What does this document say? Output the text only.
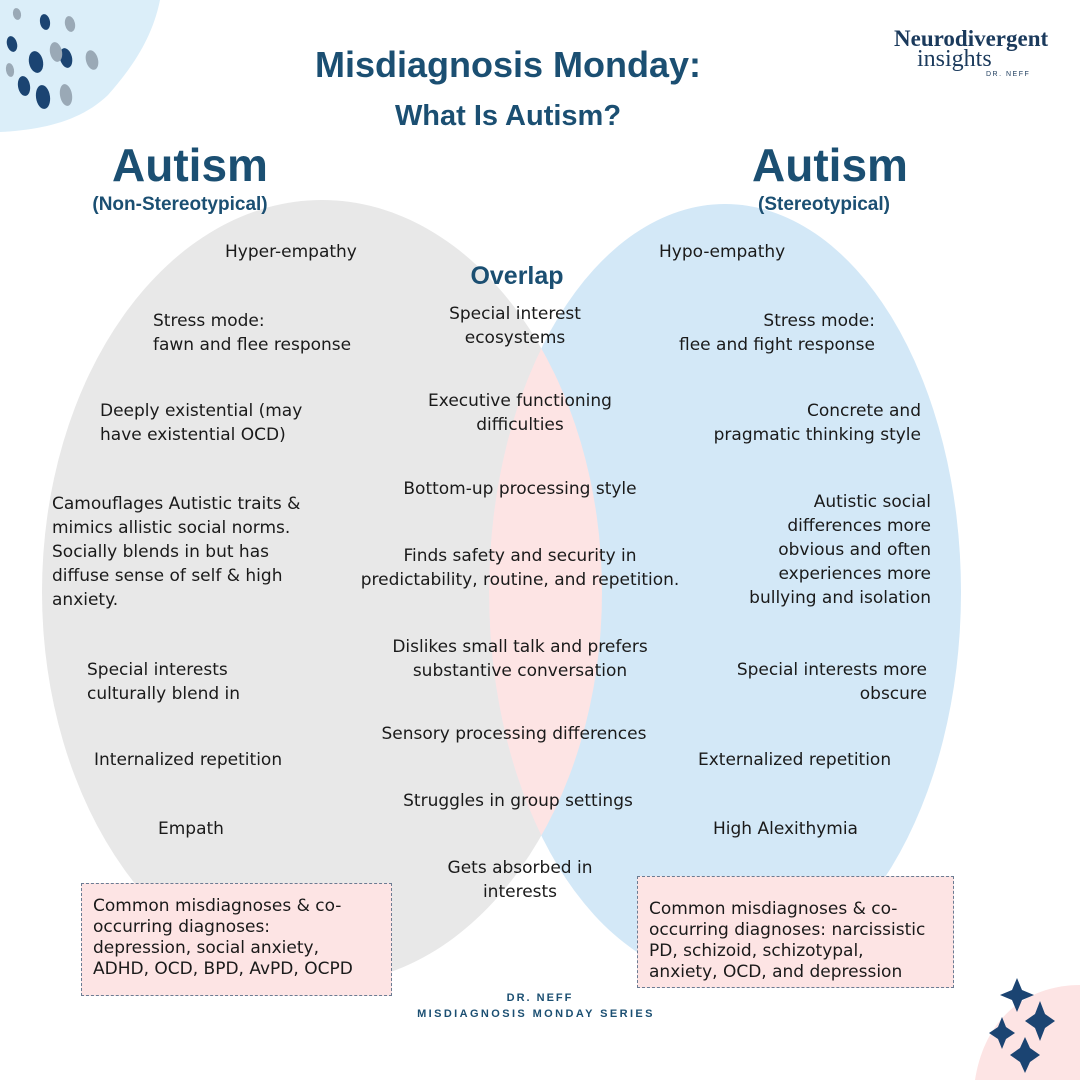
Misdiagnosis Monday:
What Is Autism?
Neurodivergent
insights
DR. NEFF
Autism
(Non-Stereotypical)
Autism
(Stereotypical)
Overlap
Hyper-empathy
Stress mode:
fawn and flee response
Deeply existential (may
have existential OCD)
Camouflages Autistic traits &
mimics allistic social norms.
Socially blends in but has
diffuse sense of self & high
anxiety.
Special interests
culturally blend in
Internalized repetition
Empath
Hypo-empathy
Stress mode:
flee and fight response
Concrete and
pragmatic thinking style
Autistic social
differences more
obvious and often
experiences more
bullying and isolation
Special interests more
obscure
Externalized repetition
High Alexithymia
Special interest
ecosystems
Executive functioning
difficulties
Bottom-up processing style
Finds safety and security in
predictability, routine, and repetition.
Dislikes small talk and prefers
substantive conversation
Sensory processing differences
Struggles in group settings
Gets absorbed in
interests
Common misdiagnoses & co-
occurring diagnoses:
depression, social anxiety,
ADHD, OCD, BPD, AvPD, OCPD
Common misdiagnoses & co-
occurring diagnoses: narcissistic
PD, schizoid, schizotypal,
anxiety, OCD, and depression
DR. NEFF
MISDIAGNOSIS MONDAY SERIES
